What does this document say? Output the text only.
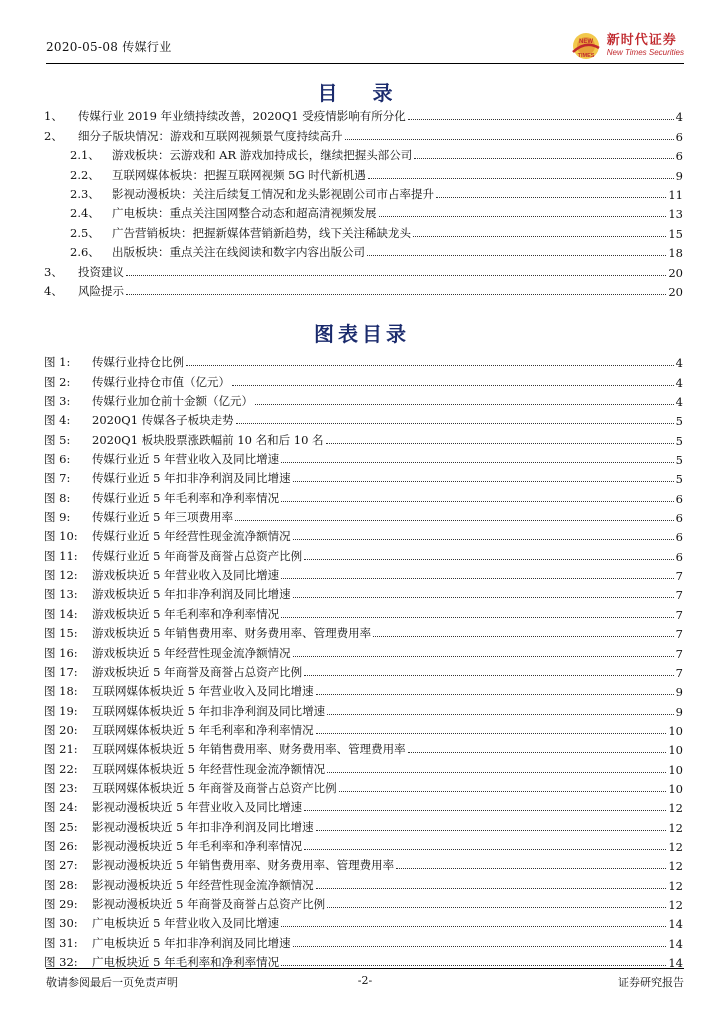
2020-05-08 传媒行业	NEW
TIMES
新时代证券
New Times Securities
目 录
1、	传媒行业 2019 年业绩持续改善，2020Q1 受疫情影响有所分化	4
2、	细分子版块情况：游戏和互联网视频景气度持续高升	6
2.1、	游戏板块：云游戏和 AR 游戏加持成长，继续把握头部公司	6
2.2、	互联网媒体板块：把握互联网视频 5G 时代新机遇	9
2.3、	影视动漫板块：关注后续复工情况和龙头影视剧公司市占率提升	11
2.4、	广电板块：重点关注国网整合动态和超高清视频发展	13
2.5、	广告营销板块：把握新媒体营销新趋势，线下关注稀缺龙头	15
2.6、	出版板块：重点关注在线阅读和数字内容出版公司	18
3、	投资建议	20
4、	风险提示	20
图表目录
图 1:	传媒行业持仓比例	4
图 2:	传媒行业持仓市值（亿元）	4
图 3:	传媒行业加仓前十金额（亿元）	4
图 4:	2020Q1 传媒各子板块走势	5
图 5:	2020Q1 板块股票涨跌幅前 10 名和后 10 名	5
图 6:	传媒行业近 5 年营业收入及同比增速	5
图 7:	传媒行业近 5 年扣非净利润及同比增速	5
图 8:	传媒行业近 5 年毛利率和净利率情况	6
图 9:	传媒行业近 5 年三项费用率	6
图 10:	传媒行业近 5 年经营性现金流净额情况	6
图 11:	传媒行业近 5 年商誉及商誉占总资产比例	6
图 12:	游戏板块近 5 年营业收入及同比增速	7
图 13:	游戏板块近 5 年扣非净利润及同比增速	7
图 14:	游戏板块近 5 年毛利率和净利率情况	7
图 15:	游戏板块近 5 年销售费用率、财务费用率、管理费用率	7
图 16:	游戏板块近 5 年经营性现金流净额情况	7
图 17:	游戏板块近 5 年商誉及商誉占总资产比例	7
图 18:	互联网媒体板块近 5 年营业收入及同比增速	9
图 19:	互联网媒体板块近 5 年扣非净利润及同比增速	9
图 20:	互联网媒体板块近 5 年毛利率和净利率情况	10
图 21:	互联网媒体板块近 5 年销售费用率、财务费用率、管理费用率	10
图 22:	互联网媒体板块近 5 年经营性现金流净额情况	10
图 23:	互联网媒体板块近 5 年商誉及商誉占总资产比例	10
图 24:	影视动漫板块近 5 年营业收入及同比增速	12
图 25:	影视动漫板块近 5 年扣非净利润及同比增速	12
图 26:	影视动漫板块近 5 年毛利率和净利率情况	12
图 27:	影视动漫板块近 5 年销售费用率、财务费用率、管理费用率	12
图 28:	影视动漫板块近 5 年经营性现金流净额情况	12
图 29:	影视动漫板块近 5 年商誉及商誉占总资产比例	12
图 30:	广电板块近 5 年营业收入及同比增速	14
图 31:	广电板块近 5 年扣非净利润及同比增速	14
图 32:	广电板块近 5 年毛利率和净利率情况	14
敬请参阅最后一页免责声明	-2-	证券研究报告
